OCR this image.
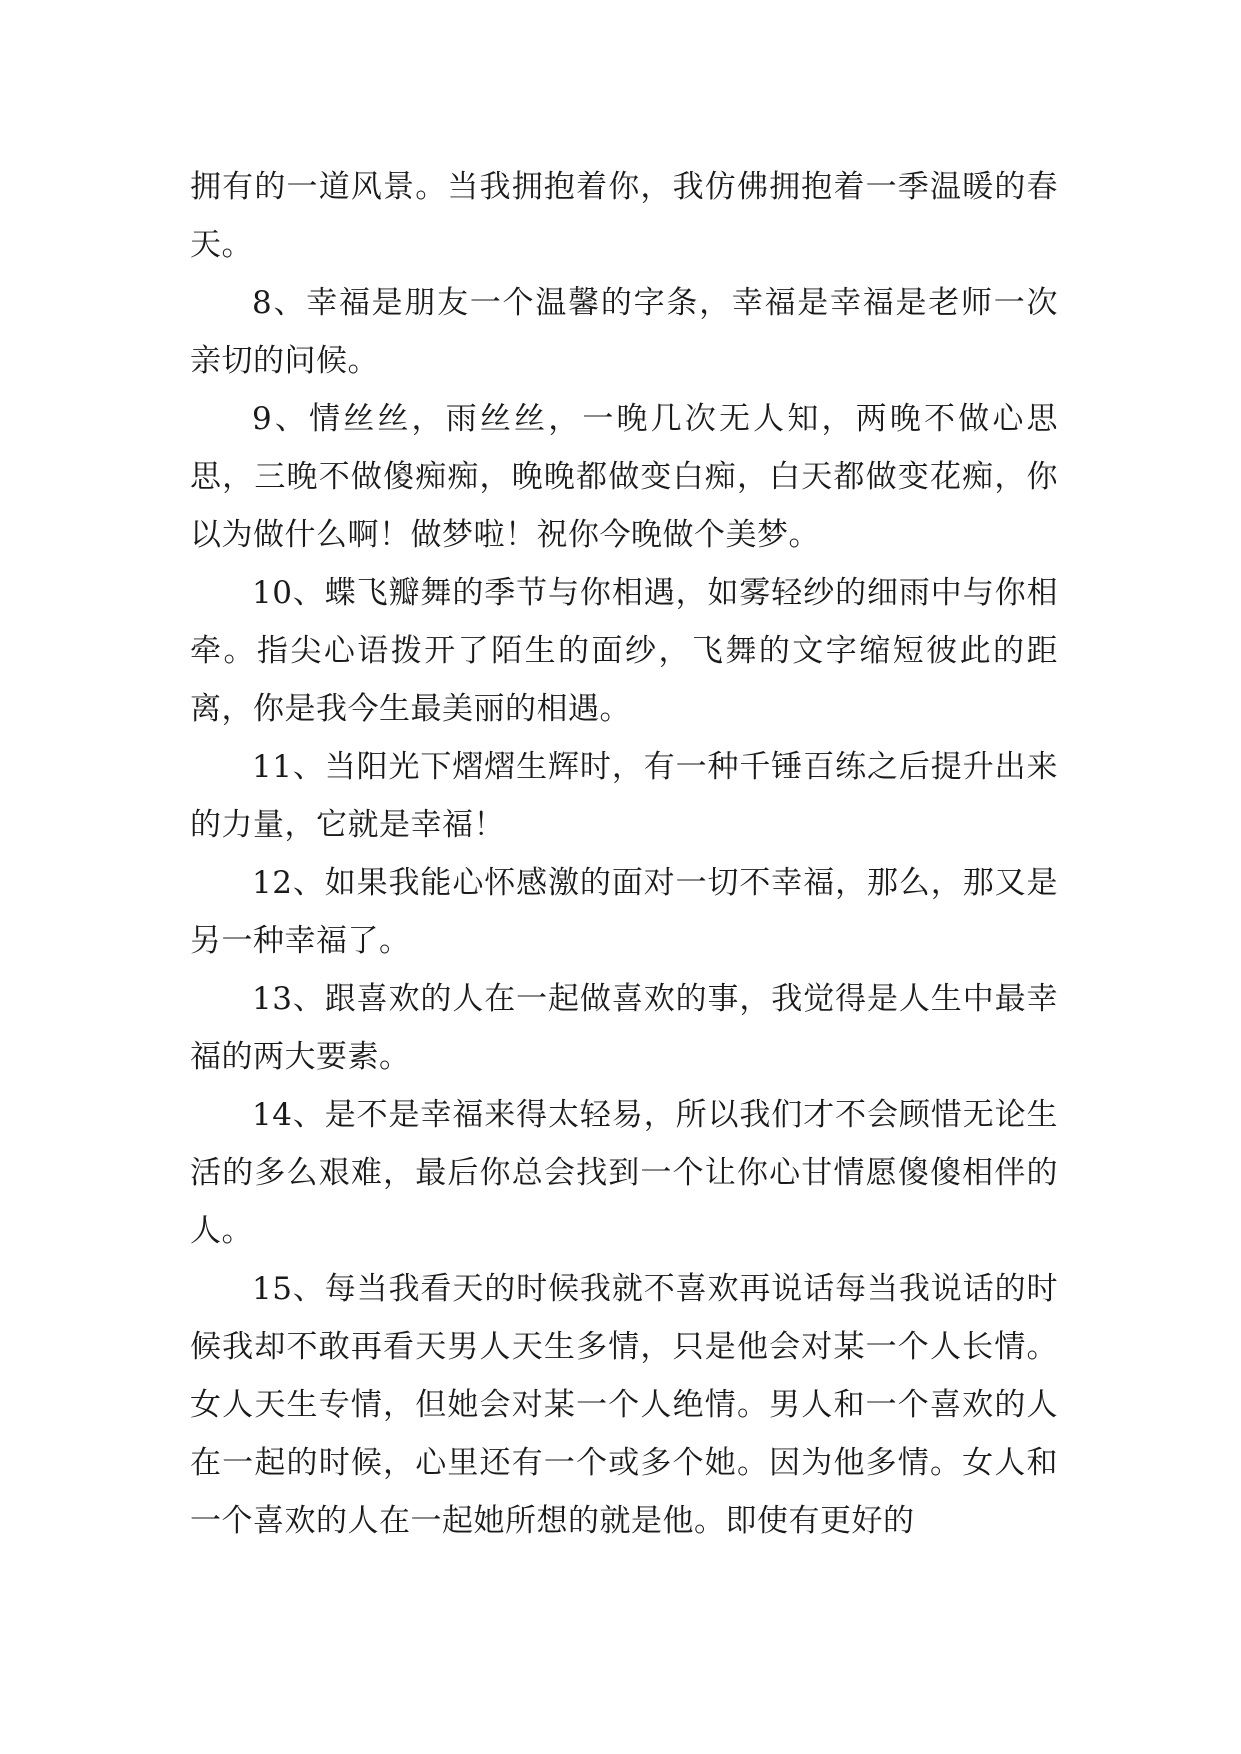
拥有的一道风景。当我拥抱着你，我仿佛拥抱着一季温暖的春天。

8、幸福是朋友一个温馨的字条，幸福是幸福是老师一次亲切的问候。

9、情丝丝，雨丝丝，一晚几次无人知，两晚不做心思思，三晚不做傻痴痴，晚晚都做变白痴，白天都做变花痴，你以为做什么啊！做梦啦！祝你今晚做个美梦。

10、蝶飞瓣舞的季节与你相遇，如雾轻纱的细雨中与你相牵。指尖心语拨开了陌生的面纱，飞舞的文字缩短彼此的距离，你是我今生最美丽的相遇。

11、当阳光下熠熠生辉时，有一种千锤百练之后提升出来的力量，它就是幸福！

12、如果我能心怀感激的面对一切不幸福，那么，那又是另一种幸福了。

13、跟喜欢的人在一起做喜欢的事，我觉得是人生中最幸福的两大要素。

14、是不是幸福来得太轻易，所以我们才不会顾惜无论生活的多么艰难，最后你总会找到一个让你心甘情愿傻傻相伴的人。

15、每当我看天的时候我就不喜欢再说话每当我说话的时候我却不敢再看天男人天生多情，只是他会对某一个人长情。女人天生专情，但她会对某一个人绝情。男人和一个喜欢的人在一起的时候，心里还有一个或多个她。因为他多情。女人和一个喜欢的人在一起她所想的就是他。即使有更好的
